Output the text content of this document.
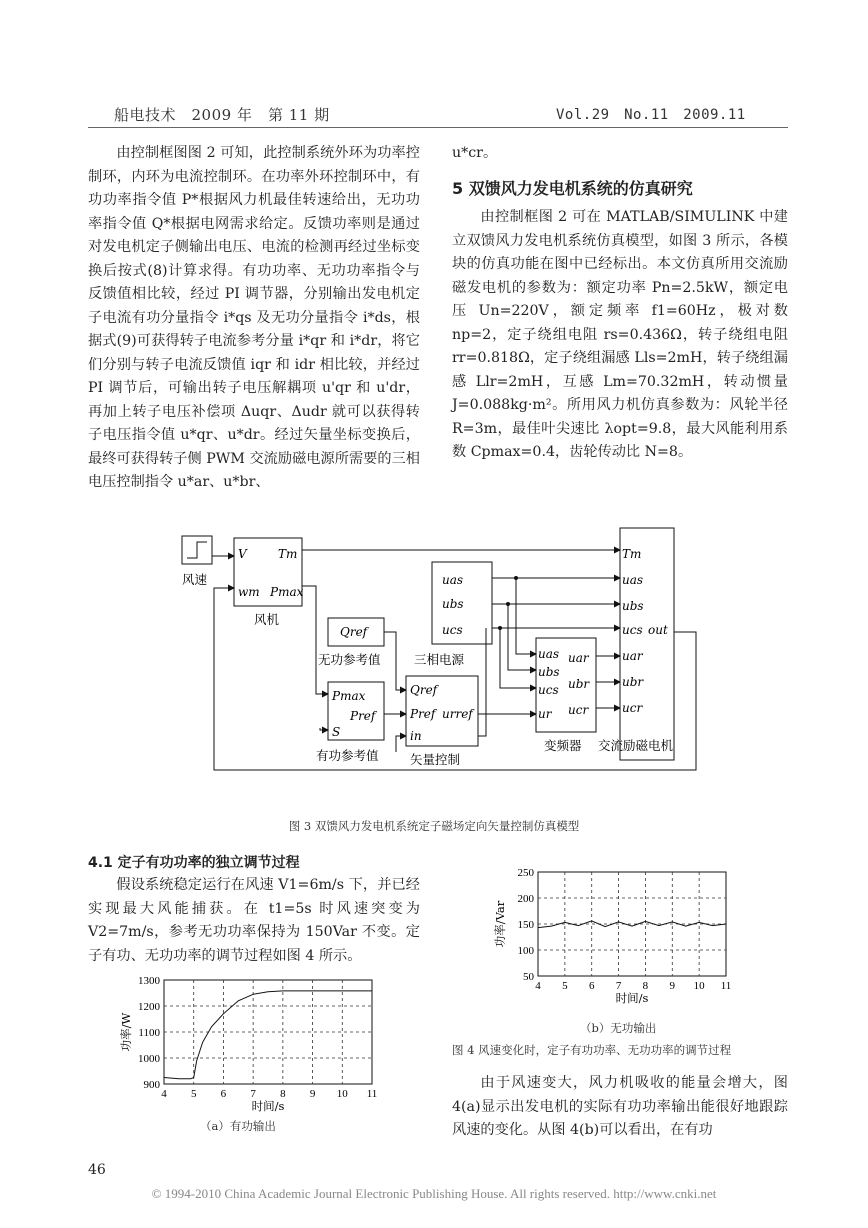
船电技术　2009 年　第 11 期	Vol.29　No.11　2009.11

由控制框图图 2 可知，此控制系统外环为功率控制环，内环为电流控制环。在功率外环控制环中，有功功率指令值 P*根据风力机最佳转速给出，无功功率指令值 Q*根据电网需求给定。反馈功率则是通过对发电机定子侧输出电压、电流的检测再经过坐标变换后按式(8)计算求得。有功功率、无功功率指令与反馈值相比较，经过 PI 调节器，分别输出发电机定子电流有功分量指令 i*qs 及无功分量指令 i*ds，根据式(9)可获得转子电流参考分量 i*qr 和 i*dr，将它们分别与转子电流反馈值 iqr 和 idr 相比较，并经过 PI 调节后，可输出转子电压解耦项 u'qr 和 u'dr，再加上转子电压补偿项 Δuqr、Δudr 就可以获得转子电压指令值 u*qr、u*dr。经过矢量坐标变换后，最终可获得转子侧 PWM 交流励磁电源所需要的三相电压控制指令 u*ar、u*br、

u*cr。

5 双馈风力发电机系统的仿真研究

由控制框图 2 可在 MATLAB/SIMULINK 中建立双馈风力发电机系统仿真模型，如图 3 所示，各模块的仿真功能在图中已经标出。本文仿真所用交流励磁发电机的参数为：额定功率 Pn=2.5kW，额定电压 Un=220V，额定频率 f1=60Hz，极对数 np=2，定子绕组电阻 rs=0.436Ω，转子绕组电阻 rr=0.818Ω，定子绕组漏感 Lls=2mH，转子绕组漏感 Llr=2mH，互感 Lm=70.32mH，转动惯量 J=0.088kg·m²。所用风力机仿真参数为：风轮半径 R=3m，最佳叶尖速比 λopt=9.8，最大风能利用系数 Cpmax=0.4，齿轮传动比 N=8。

风速
V
wm
Tm
Pmax
风机
Qref
无功参考值
uas
ubs
ucs
三相电源
Pmax
Pref
S
有功参考值
Qref
Pref
in
urref
矢量控制
uas
ubs
ucs
ur
uar
ubr
ucr
变频器
Tm
uas
ubs
ucs out
uar
ubr
ucr
交流励磁电机
图 3 双馈风力发电机系统定子磁场定向矢量控制仿真模型
4.1 定子有功功率的独立调节过程

假设系统稳定运行在风速 V1=6m/s 下，并已经实现最大风能捕获。在 t1=5s 时风速突变为 V2=7m/s，参考无功功率保持为 150Var 不变。定子有功、无功功率的调节过程如图 4 所示。

4 5 6 7 8 9 10 11
900
1000
1100
1200
1300
时间/s
功率/W
（a）有功输出
4 5 6 7 8 9 10 11
50
100
150
200
250
时间/s
功率/Var
（b）无功输出
图 4 风速变化时，定子有功功率、无功功率的调节过程

由于风速变大，风力机吸收的能量会增大，图 4(a)显示出发电机的实际有功功率输出能很好地跟踪风速的变化。从图 4(b)可以看出，在有功

46
© 1994-2010 China Academic Journal Electronic Publishing House. All rights reserved. http://www.cnki.net
